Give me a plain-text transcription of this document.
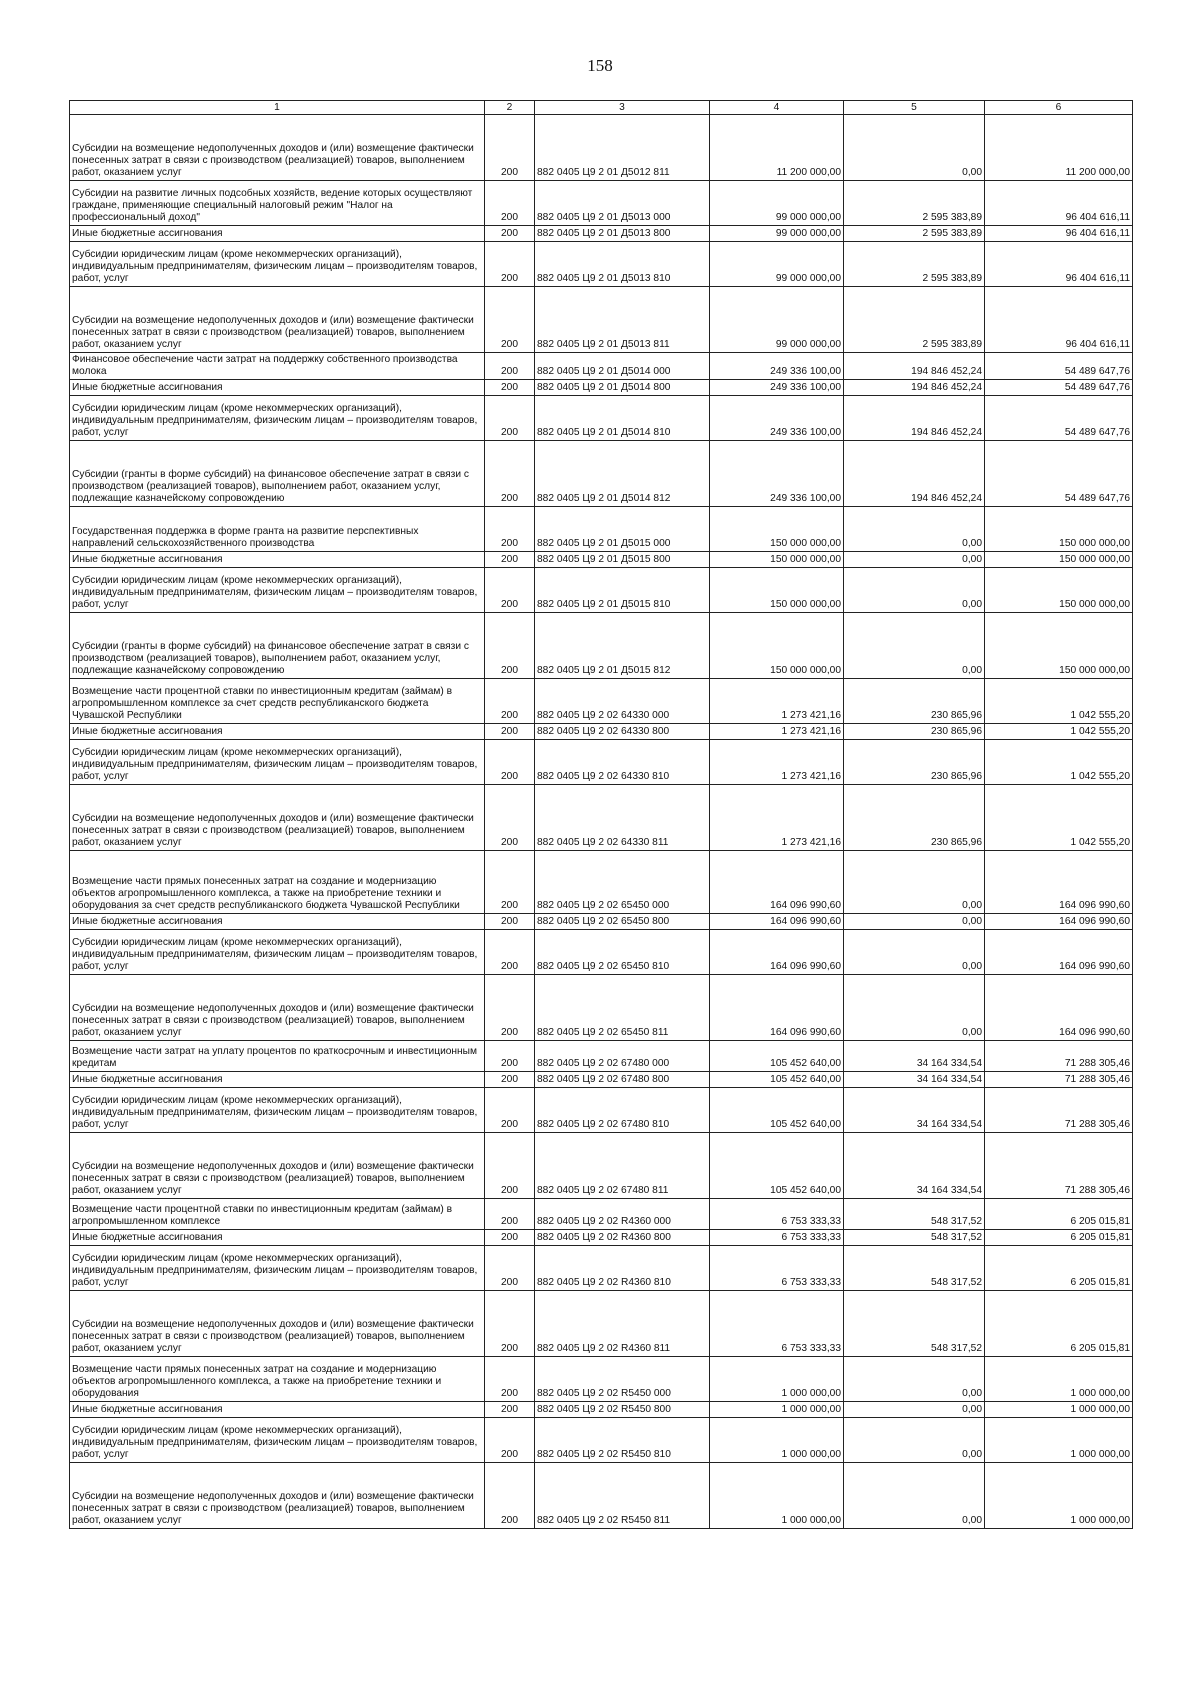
158
1	2	3	4	5	6
Субсидии на возмещение недополученных доходов и (или) возмещение фактически понесенных затрат в связи с производством (реализацией) товаров, выполнением работ, оказанием услуг	200	882 0405 Ц9 2 01 Д5012 811	11 200 000,00	0,00	11 200 000,00
Субсидии на развитие личных подсобных хозяйств, ведение которых осуществляют граждане, применяющие специальный налоговый режим "Налог на профессиональный доход"	200	882 0405 Ц9 2 01 Д5013 000	99 000 000,00	2 595 383,89	96 404 616,11
Иные бюджетные ассигнования	200	882 0405 Ц9 2 01 Д5013 800	99 000 000,00	2 595 383,89	96 404 616,11
Субсидии юридическим лицам (кроме некоммерческих организаций), индивидуальным предпринимателям, физическим лицам – производителям товаров, работ, услуг	200	882 0405 Ц9 2 01 Д5013 810	99 000 000,00	2 595 383,89	96 404 616,11
Субсидии на возмещение недополученных доходов и (или) возмещение фактически понесенных затрат в связи с производством (реализацией) товаров, выполнением работ, оказанием услуг	200	882 0405 Ц9 2 01 Д5013 811	99 000 000,00	2 595 383,89	96 404 616,11
Финансовое обеспечение части затрат на поддержку собственного производства молока	200	882 0405 Ц9 2 01 Д5014 000	249 336 100,00	194 846 452,24	54 489 647,76
Иные бюджетные ассигнования	200	882 0405 Ц9 2 01 Д5014 800	249 336 100,00	194 846 452,24	54 489 647,76
Субсидии юридическим лицам (кроме некоммерческих организаций), индивидуальным предпринимателям, физическим лицам – производителям товаров, работ, услуг	200	882 0405 Ц9 2 01 Д5014 810	249 336 100,00	194 846 452,24	54 489 647,76
Субсидии (гранты в форме субсидий) на финансовое обеспечение затрат в связи с производством (реализацией товаров), выполнением работ, оказанием услуг, подлежащие казначейскому сопровождению	200	882 0405 Ц9 2 01 Д5014 812	249 336 100,00	194 846 452,24	54 489 647,76
Государственная поддержка в форме гранта на развитие перспективных направлений сельскохозяйственного производства	200	882 0405 Ц9 2 01 Д5015 000	150 000 000,00	0,00	150 000 000,00
Иные бюджетные ассигнования	200	882 0405 Ц9 2 01 Д5015 800	150 000 000,00	0,00	150 000 000,00
Субсидии юридическим лицам (кроме некоммерческих организаций), индивидуальным предпринимателям, физическим лицам – производителям товаров, работ, услуг	200	882 0405 Ц9 2 01 Д5015 810	150 000 000,00	0,00	150 000 000,00
Субсидии (гранты в форме субсидий) на финансовое обеспечение затрат в связи с производством (реализацией товаров), выполнением работ, оказанием услуг, подлежащие казначейскому сопровождению	200	882 0405 Ц9 2 01 Д5015 812	150 000 000,00	0,00	150 000 000,00
Возмещение части процентной ставки по инвестиционным кредитам (займам) в агропромышленном комплексе за счет средств республиканского бюджета Чувашской Республики	200	882 0405 Ц9 2 02 64330 000	1 273 421,16	230 865,96	1 042 555,20
Иные бюджетные ассигнования	200	882 0405 Ц9 2 02 64330 800	1 273 421,16	230 865,96	1 042 555,20
Субсидии юридическим лицам (кроме некоммерческих организаций), индивидуальным предпринимателям, физическим лицам – производителям товаров, работ, услуг	200	882 0405 Ц9 2 02 64330 810	1 273 421,16	230 865,96	1 042 555,20
Субсидии на возмещение недополученных доходов и (или) возмещение фактически понесенных затрат в связи с производством (реализацией) товаров, выполнением работ, оказанием услуг	200	882 0405 Ц9 2 02 64330 811	1 273 421,16	230 865,96	1 042 555,20
Возмещение части прямых понесенных затрат на создание и модернизацию объектов агропромышленного комплекса, а также на приобретение техники и оборудования за счет средств республиканского бюджета Чувашской Республики	200	882 0405 Ц9 2 02 65450 000	164 096 990,60	0,00	164 096 990,60
Иные бюджетные ассигнования	200	882 0405 Ц9 2 02 65450 800	164 096 990,60	0,00	164 096 990,60
Субсидии юридическим лицам (кроме некоммерческих организаций), индивидуальным предпринимателям, физическим лицам – производителям товаров, работ, услуг	200	882 0405 Ц9 2 02 65450 810	164 096 990,60	0,00	164 096 990,60
Субсидии на возмещение недополученных доходов и (или) возмещение фактически понесенных затрат в связи с производством (реализацией) товаров, выполнением работ, оказанием услуг	200	882 0405 Ц9 2 02 65450 811	164 096 990,60	0,00	164 096 990,60
Возмещение части затрат на уплату процентов по краткосрочным и инвестиционным кредитам	200	882 0405 Ц9 2 02 67480 000	105 452 640,00	34 164 334,54	71 288 305,46
Иные бюджетные ассигнования	200	882 0405 Ц9 2 02 67480 800	105 452 640,00	34 164 334,54	71 288 305,46
Субсидии юридическим лицам (кроме некоммерческих организаций), индивидуальным предпринимателям, физическим лицам – производителям товаров, работ, услуг	200	882 0405 Ц9 2 02 67480 810	105 452 640,00	34 164 334,54	71 288 305,46
Субсидии на возмещение недополученных доходов и (или) возмещение фактически понесенных затрат в связи с производством (реализацией) товаров, выполнением работ, оказанием услуг	200	882 0405 Ц9 2 02 67480 811	105 452 640,00	34 164 334,54	71 288 305,46
Возмещение части процентной ставки по инвестиционным кредитам (займам) в агропромышленном комплексе	200	882 0405 Ц9 2 02 R4360 000	6 753 333,33	548 317,52	6 205 015,81
Иные бюджетные ассигнования	200	882 0405 Ц9 2 02 R4360 800	6 753 333,33	548 317,52	6 205 015,81
Субсидии юридическим лицам (кроме некоммерческих организаций), индивидуальным предпринимателям, физическим лицам – производителям товаров, работ, услуг	200	882 0405 Ц9 2 02 R4360 810	6 753 333,33	548 317,52	6 205 015,81
Субсидии на возмещение недополученных доходов и (или) возмещение фактически понесенных затрат в связи с производством (реализацией) товаров, выполнением работ, оказанием услуг	200	882 0405 Ц9 2 02 R4360 811	6 753 333,33	548 317,52	6 205 015,81
Возмещение части прямых понесенных затрат на создание и модернизацию объектов агропромышленного комплекса, а также на приобретение техники и оборудования	200	882 0405 Ц9 2 02 R5450 000	1 000 000,00	0,00	1 000 000,00
Иные бюджетные ассигнования	200	882 0405 Ц9 2 02 R5450 800	1 000 000,00	0,00	1 000 000,00
Субсидии юридическим лицам (кроме некоммерческих организаций), индивидуальным предпринимателям, физическим лицам – производителям товаров, работ, услуг	200	882 0405 Ц9 2 02 R5450 810	1 000 000,00	0,00	1 000 000,00
Субсидии на возмещение недополученных доходов и (или) возмещение фактически понесенных затрат в связи с производством (реализацией) товаров, выполнением работ, оказанием услуг	200	882 0405 Ц9 2 02 R5450 811	1 000 000,00	0,00	1 000 000,00
